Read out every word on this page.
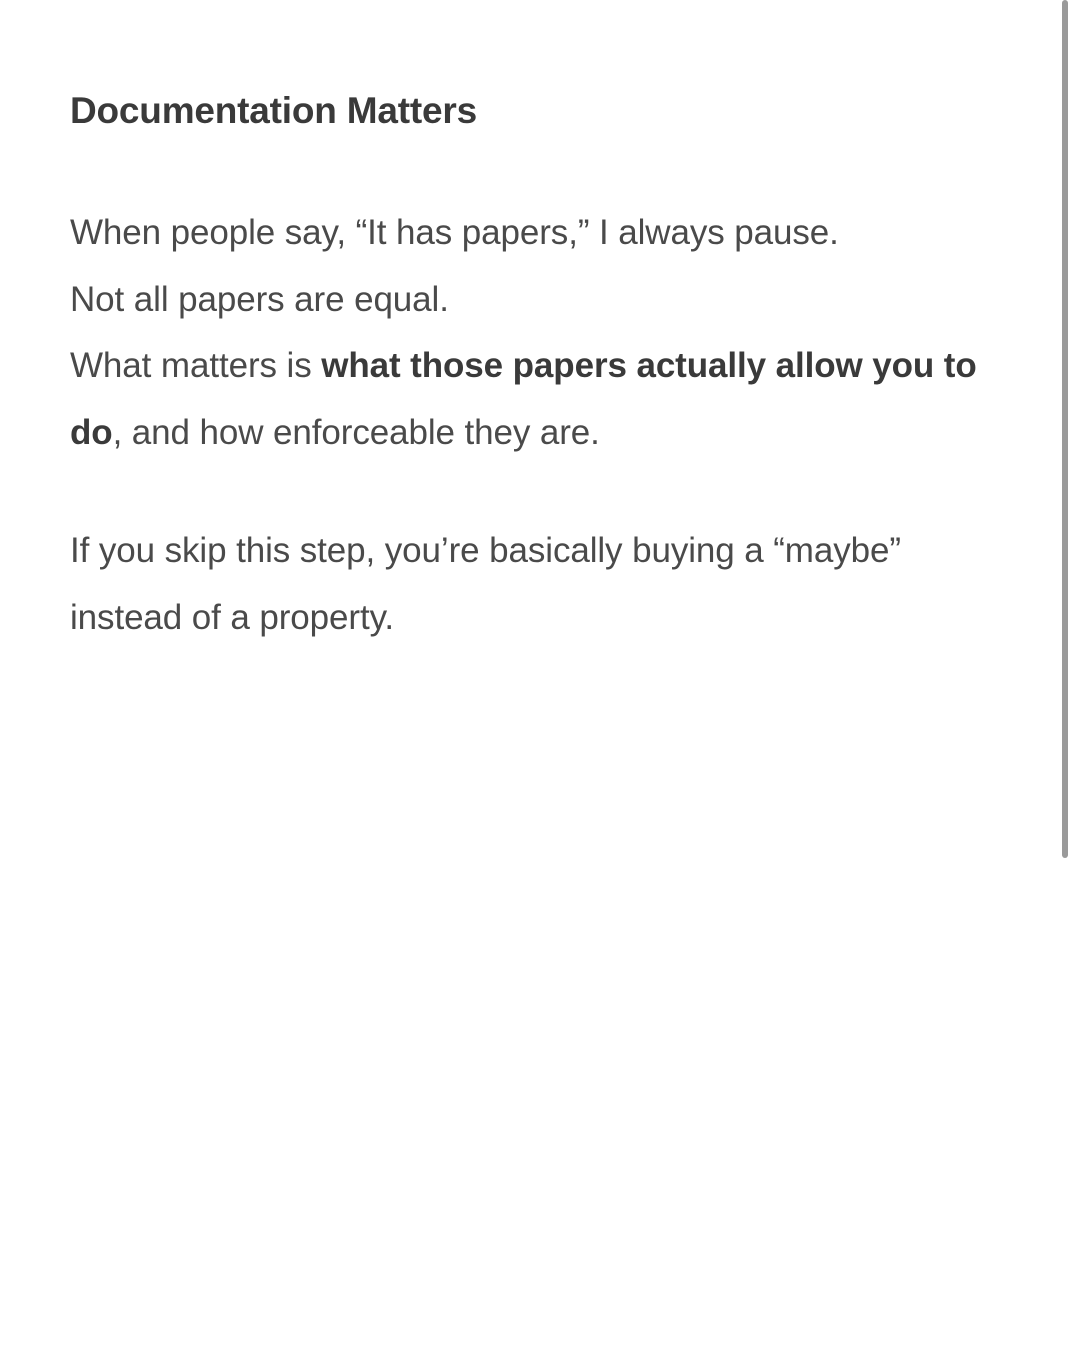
Documentation Matters

When people say, “It has papers,” I always pause.

Not all papers are equal.

What matters is what those papers actually allow you to do, and how enforceable they are.

If you skip this step, you’re basically buying a “maybe” instead of a property.
